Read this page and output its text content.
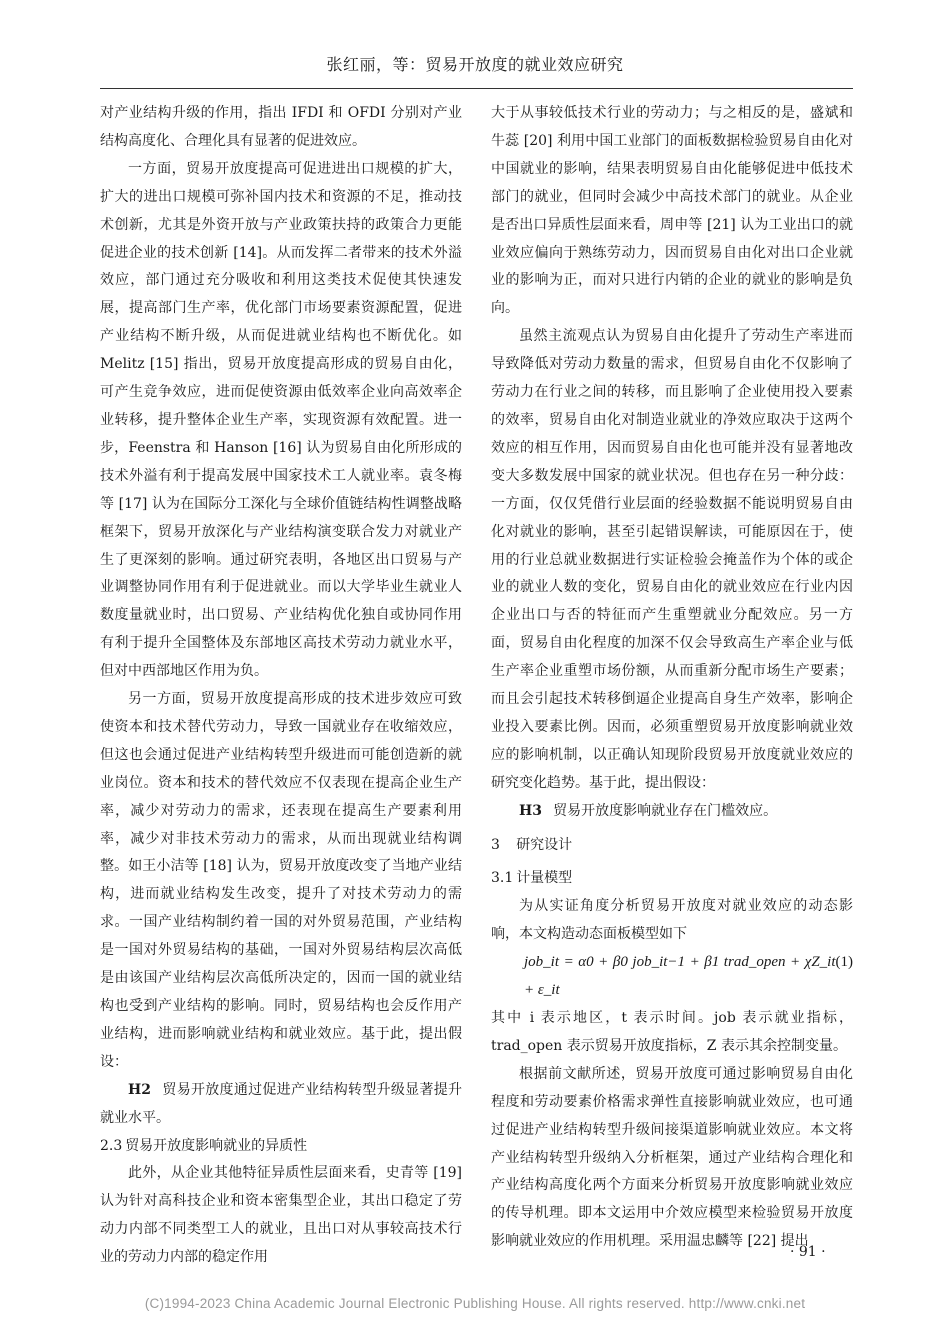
张红丽，等：贸易开放度的就业效应研究

对产业结构升级的作用，指出 IFDI 和 OFDI 分别对产业结构高度化、合理化具有显著的促进效应。

一方面，贸易开放度提高可促进进出口规模的扩大，扩大的进出口规模可弥补国内技术和资源的不足，推动技术创新，尤其是外资开放与产业政策扶持的政策合力更能促进企业的技术创新 [14]。从而发挥二者带来的技术外溢效应，部门通过充分吸收和利用这类技术促使其快速发展，提高部门生产率，优化部门市场要素资源配置，促进产业结构不断升级，从而促进就业结构也不断优化。如 Melitz [15] 指出，贸易开放度提高形成的贸易自由化，可产生竞争效应，进而促使资源由低效率企业向高效率企业转移，提升整体企业生产率，实现资源有效配置。进一步，Feenstra 和 Hanson [16] 认为贸易自由化所形成的技术外溢有利于提高发展中国家技术工人就业率。袁冬梅等 [17] 认为在国际分工深化与全球价值链结构性调整战略框架下，贸易开放深化与产业结构演变联合发力对就业产生了更深刻的影响。通过研究表明，各地区出口贸易与产业调整协同作用有利于促进就业。而以大学毕业生就业人数度量就业时，出口贸易、产业结构优化独自或协同作用有利于提升全国整体及东部地区高技术劳动力就业水平，但对中西部地区作用为负。

另一方面，贸易开放度提高形成的技术进步效应可致使资本和技术替代劳动力，导致一国就业存在收缩效应，但这也会通过促进产业结构转型升级进而可能创造新的就业岗位。资本和技术的替代效应不仅表现在提高企业生产率，减少对劳动力的需求，还表现在提高生产要素利用率，减少对非技术劳动力的需求，从而出现就业结构调整。如王小洁等 [18] 认为，贸易开放度改变了当地产业结构，进而就业结构发生改变，提升了对技术劳动力的需求。一国产业结构制约着一国的对外贸易范围，产业结构是一国对外贸易结构的基础，一国对外贸易结构层次高低是由该国产业结构层次高低所决定的，因而一国的就业结构也受到产业结构的影响。同时，贸易结构也会反作用产业结构，进而影响就业结构和就业效应。基于此，提出假设：

H2 贸易开放度通过促进产业结构转型升级显著提升就业水平。

2.3 贸易开放度影响就业的异质性

此外，从企业其他特征异质性层面来看，史青等 [19] 认为针对高科技企业和资本密集型企业，其出口稳定了劳动力内部不同类型工人的就业，且出口对从事较高技术行业的劳动力内部的稳定作用

大于从事较低技术行业的劳动力；与之相反的是，盛斌和牛蕊 [20] 利用中国工业部门的面板数据检验贸易自由化对中国就业的影响，结果表明贸易自由化能够促进中低技术部门的就业，但同时会减少中高技术部门的就业。从企业是否出口异质性层面来看，周申等 [21] 认为工业出口的就业效应偏向于熟练劳动力，因而贸易自由化对出口企业就业的影响为正，而对只进行内销的企业的就业的影响是负向。

虽然主流观点认为贸易自由化提升了劳动生产率进而导致降低对劳动力数量的需求，但贸易自由化不仅影响了劳动力在行业之间的转移，而且影响了企业使用投入要素的效率，贸易自由化对制造业就业的净效应取决于这两个效应的相互作用，因而贸易自由化也可能并没有显著地改变大多数发展中国家的就业状况。但也存在另一种分歧：一方面，仅仅凭借行业层面的经验数据不能说明贸易自由化对就业的影响，甚至引起错误解读，可能原因在于，使用的行业总就业数据进行实证检验会掩盖作为个体的或企业的就业人数的变化，贸易自由化的就业效应在行业内因企业出口与否的特征而产生重塑就业分配效应。另一方面，贸易自由化程度的加深不仅会导致高生产率企业与低生产率企业重塑市场份额，从而重新分配市场生产要素；而且会引起技术转移倒逼企业提高自身生产效率，影响企业投入要素比例。因而，必须重塑贸易开放度影响就业效应的影响机制，以正确认知现阶段贸易开放度就业效应的研究变化趋势。基于此，提出假设：

H3 贸易开放度影响就业存在门槛效应。

3 研究设计

3.1 计量模型

为从实证角度分析贸易开放度对就业效应的动态影响，本文构造动态面板模型如下

job_it = α0 + β0 job_it−1 + β1 trad_open + χZ_it + ε_it
(1)

其中 i 表示地区，t 表示时间。job 表示就业指标，trad_open 表示贸易开放度指标，Z 表示其余控制变量。

根据前文献所述，贸易开放度可通过影响贸易自由化程度和劳动要素价格需求弹性直接影响就业效应，也可通过促进产业结构转型升级间接渠道影响就业效应。本文将产业结构转型升级纳入分析框架，通过产业结构合理化和产业结构高度化两个方面来分析贸易开放度影响就业效应的传导机理。即本文运用中介效应模型来检验贸易开放度影响就业效应的作用机理。采用温忠麟等 [22] 提出

· 91 ·
(C)1994-2023 China Academic Journal Electronic Publishing House. All rights reserved. http://www.cnki.net
